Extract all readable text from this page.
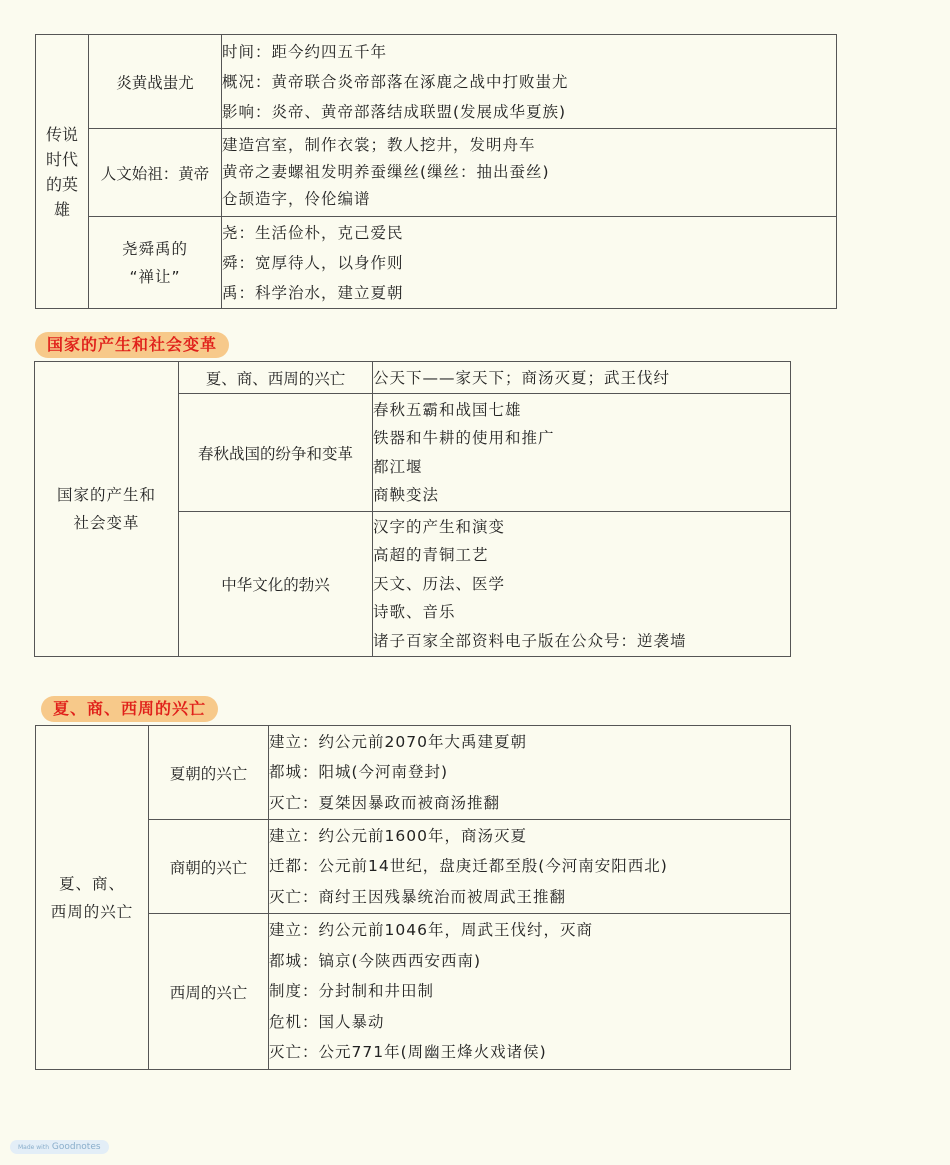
传说时代的英雄	炎黄战蚩尤	时间：距今约四五千年
概况：黄帝联合炎帝部落在涿鹿之战中打败蚩尤
影响：炎帝、黄帝部落结成联盟(发展成华夏族)

	人文始祖：黄帝	建造宫室，制作衣裳；教人挖井，发明舟车
黄帝之妻螺祖发明养蚕缫丝(缫丝：抽出蚕丝)
仓颉造字，伶伦编谱

	尧舜禹的
“禅让”	尧：生活俭朴，克己爱民
舜：宽厚待人，以身作则
禹：科学治水，建立夏朝
国家的产生和社会变革
国家的产生和
社会变革	夏、商、西周的兴亡	公天下——家天下；商汤灭夏；武王伐纣

	春秋战国的纷争和变革	春秋五霸和战国七雄
铁器和牛耕的使用和推广
都江堰
商鞅变法

	中华文化的勃兴	汉字的产生和演变
高超的青铜工艺
天文、历法、医学
诗歌、音乐
诸子百家全部资料电子版在公众号：逆袭墙
夏、商、西周的兴亡
夏、商、
西周的兴亡	夏朝的兴亡	建立：约公元前2070年大禹建夏朝
都城：阳城(今河南登封)
灭亡：夏桀因暴政而被商汤推翻

	商朝的兴亡	建立：约公元前1600年，商汤灭夏
迁都：公元前14世纪，盘庚迁都至殷(今河南安阳西北)
灭亡：商纣王因残暴统治而被周武王推翻

	西周的兴亡	建立：约公元前1046年，周武王伐纣，灭商
都城：镐京(今陕西西安西南)
制度：分封制和井田制
危机：国人暴动
灭亡：公元771年(周幽王烽火戏诸侯)
Made with Goodnotes
